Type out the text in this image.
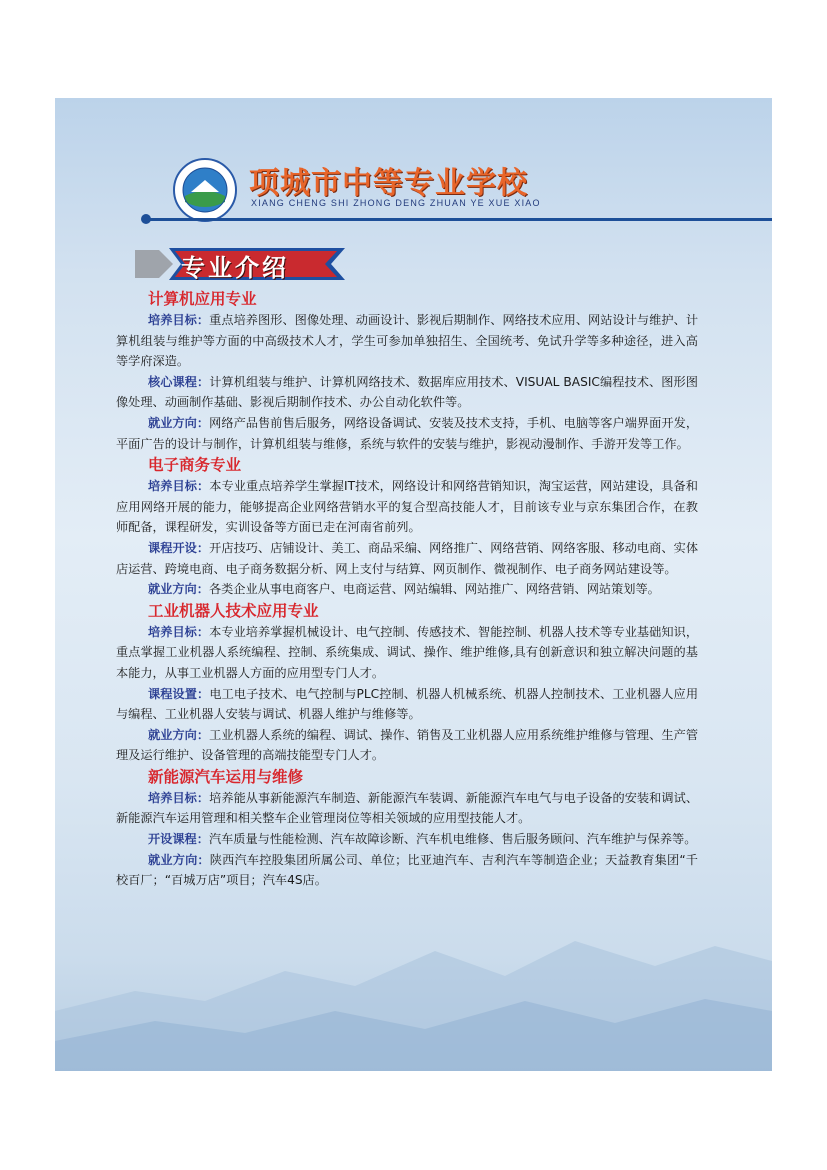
项城市中等专业学校
XIANG CHENG SHI ZHONG DENG ZHUAN YE XUE XIAO
专业介绍
计算机应用专业

培养目标：重点培养图形、图像处理、动画设计、影视后期制作、网络技术应用、网站设计与维护、计算机组装与维护等方面的中高级技术人才，学生可参加单独招生、全国统考、免试升学等多种途径，进入高等学府深造。

核心课程：计算机组装与维护、计算机网络技术、数据库应用技术、VISUAL BASIC编程技术、图形图像处理、动画制作基础、影视后期制作技术、办公自动化软件等。

就业方向：网络产品售前售后服务，网络设备调试、安装及技术支持，手机、电脑等客户端界面开发，平面广告的设计与制作，计算机组装与维修，系统与软件的安装与维护，影视动漫制作、手游开发等工作。

电子商务专业

培养目标：本专业重点培养学生掌握IT技术，网络设计和网络营销知识，淘宝运营，网站建设，具备和应用网络开展的能力，能够提高企业网络营销水平的复合型高技能人才，目前该专业与京东集团合作，在教师配备，课程研发，实训设备等方面已走在河南省前列。

课程开设：开店技巧、店铺设计、美工、商品采编、网络推广、网络营销、网络客服、移动电商、实体店运营、跨境电商、电子商务数据分析、网上支付与结算、网页制作、微视制作、电子商务网站建设等。

就业方向：各类企业从事电商客户、电商运营、网站编辑、网站推广、网络营销、网站策划等。

工业机器人技术应用专业

培养目标：本专业培养掌握机械设计、电气控制、传感技术、智能控制、机器人技术等专业基础知识，重点掌握工业机器人系统编程、控制、系统集成、调试、操作、维护维修,具有创新意识和独立解决问题的基本能力，从事工业机器人方面的应用型专门人才。

课程设置：电工电子技术、电气控制与PLC控制、机器人机械系统、机器人控制技术、工业机器人应用与编程、工业机器人安装与调试、机器人维护与维修等。

就业方向：工业机器人系统的编程、调试、操作、销售及工业机器人应用系统维护维修与管理、生产管理及运行维护、设备管理的高端技能型专门人才。

新能源汽车运用与维修

培养目标：培养能从事新能源汽车制造、新能源汽车装调、新能源汽车电气与电子设备的安装和调试、新能源汽车运用管理和相关整车企业管理岗位等相关领域的应用型技能人才。

开设课程：汽车质量与性能检测、汽车故障诊断、汽车机电维修、售后服务顾问、汽车维护与保养等。

就业方向：陕西汽车控股集团所属公司、单位；比亚迪汽车、吉利汽车等制造企业；天益教育集团“千校百厂；“百城万店”项目；汽车4S店。
